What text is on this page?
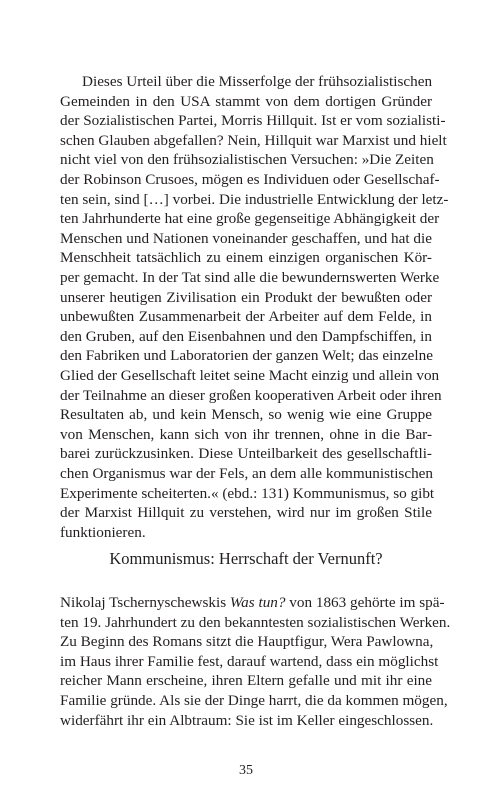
Dieses Urteil über die Misserfolge der frühsozialistischen
Gemeinden in den USA stammt von dem dortigen Gründer
der Sozialistischen Partei, Morris Hillquit. Ist er vom sozialisti-
schen Glauben abgefallen? Nein, Hillquit war Marxist und hielt
nicht viel von den frühsozialistischen Versuchen: »Die Zeiten
der Robinson Crusoes, mögen es Individuen oder Gesellschaf-
ten sein, sind […] vorbei. Die industrielle Entwicklung der letz-
ten Jahrhunderte hat eine große gegenseitige Abhängigkeit der
Menschen und Nationen voneinander geschaffen, und hat die
Menschheit tatsächlich zu einem einzigen organischen Kör-
per gemacht. In der Tat sind alle die bewundernswerten Werke
unserer heutigen Zivilisation ein Produkt der bewußten oder
unbewußten Zusammenarbeit der Arbeiter auf dem Felde, in
den Gruben, auf den Eisenbahnen und den Dampfschiffen, in
den Fabriken und Laboratorien der ganzen Welt; das einzelne
Glied der Gesellschaft leitet seine Macht einzig und allein von
der Teilnahme an dieser großen kooperativen Arbeit oder ihren
Resultaten ab, und kein Mensch, so wenig wie eine Gruppe
von Menschen, kann sich von ihr trennen, ohne in die Bar-
barei zurückzusinken. Diese Unteilbarkeit des gesellschaftli-
chen Organismus war der Fels, an dem alle kommunistischen
Experimente scheiterten.« (ebd.: 131) Kommunismus, so gibt
der Marxist Hillquit zu verstehen, wird nur im großen Stile
funktionieren.
Kommunismus: Herrschaft der Vernunft?
Nikolaj Tschernyschewskis Was tun? von 1863 gehörte im spä-
ten 19. Jahrhundert zu den bekanntesten sozialistischen Werken.
Zu Beginn des Romans sitzt die Hauptfigur, Wera Pawlowna,
im Haus ihrer Familie fest, darauf wartend, dass ein möglichst
reicher Mann erscheine, ihren Eltern gefalle und mit ihr eine
Familie gründe. Als sie der Dinge harrt, die da kommen mögen,
widerfährt ihr ein Albtraum: Sie ist im Keller eingeschlossen.
35
